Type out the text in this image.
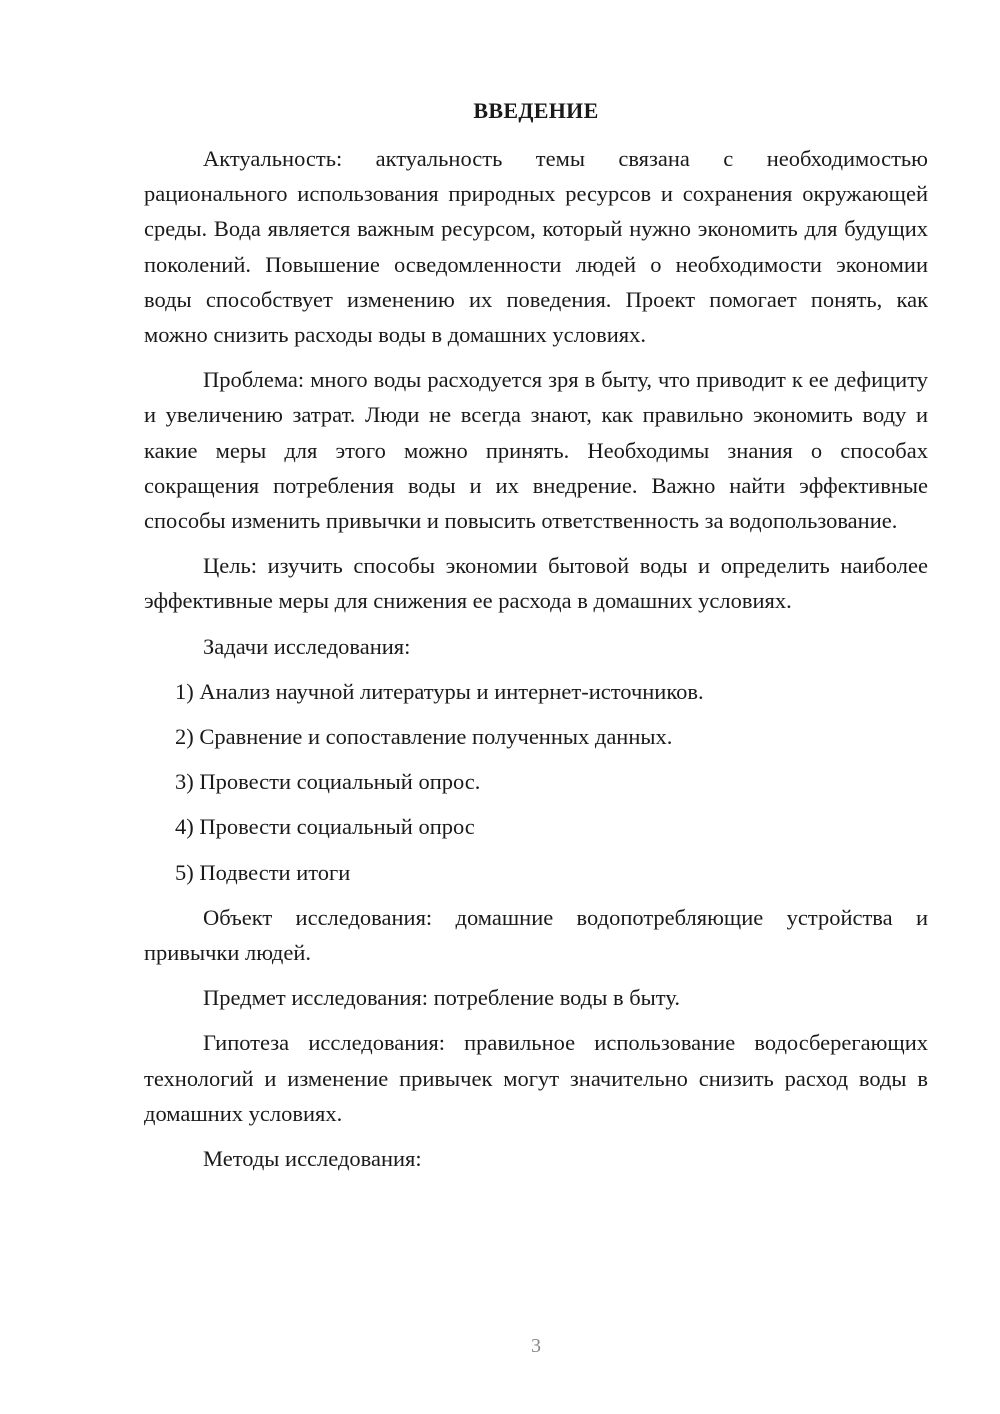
ВВЕДЕНИЕ

Актуальность: актуальность темы связана с необходимостью рационального использования природных ресурсов и сохранения окружающей среды. Вода является важным ресурсом, который нужно экономить для будущих поколений. Повышение осведомленности людей о необходимости экономии воды способствует изменению их поведения. Проект помогает понять, как можно снизить расходы воды в домашних условиях.

Проблема: много воды расходуется зря в быту, что приводит к ее дефициту и увеличению затрат. Люди не всегда знают, как правильно экономить воду и какие меры для этого можно принять. Необходимы знания о способах сокращения потребления воды и их внедрение. Важно найти эффективные способы изменить привычки и повысить ответственность за водопользование.

Цель: изучить способы экономии бытовой воды и определить наиболее эффективные меры для снижения ее расхода в домашних условиях.

Задачи исследования:

1) Анализ научной литературы и интернет-источников.

2) Сравнение и сопоставление полученных данных.

3) Провести социальный опрос.

4) Провести социальный опрос

5) Подвести итоги

Объект исследования: домашние водопотребляющие устройства и привычки людей.

Предмет исследования: потребление воды в быту.

Гипотеза исследования: правильное использование водосберегающих технологий и изменение привычек могут значительно снизить расход воды в домашних условиях.

Методы исследования:

3
